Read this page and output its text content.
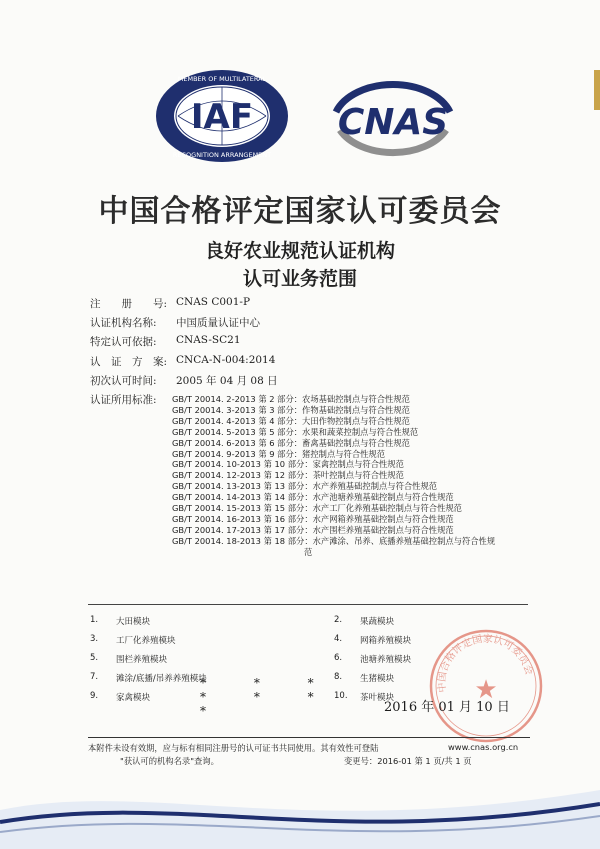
IAF
MEMBER OF MULTILATERAL
RECOGNITION ARRANGEMENT
CNAS
中国合格评定国家认可委员会
良好农业规范认证机构
认可业务范围
注　　册　　号: CNAS C001-P
认证机构名称:	中国质量认证中心
特定认可依据:	CNAS-SC21
认　证　方　案: CNCA-N-004:2014
初次认可时间:	2005 年 04 月 08 日
认证所用标准:	GB/T 20014. 2-2013 第 2 部分：农场基础控制点与符合性规范
GB/T 20014. 3-2013 第 3 部分：作物基础控制点与符合性规范
GB/T 20014. 4-2013 第 4 部分：大田作物控制点与符合性规范
GB/T 20014. 5-2013 第 5 部分：水果和蔬菜控制点与符合性规范
GB/T 20014. 6-2013 第 6 部分：畜禽基础控制点与符合性规范
GB/T 20014. 9-2013 第 9 部分：猪控制点与符合性规范
GB/T 20014. 10-2013 第 10 部分：家禽控制点与符合性规范
GB/T 20014. 12-2013 第 12 部分：茶叶控制点与符合性规范
GB/T 20014. 13-2013 第 13 部分：水产养殖基础控制点与符合性规范
GB/T 20014. 14-2013 第 14 部分：水产池塘养殖基础控制点与符合性规范
GB/T 20014. 15-2013 第 15 部分：水产工厂化养殖基础控制点与符合性规范
GB/T 20014. 16-2013 第 16 部分：水产网箱养殖基础控制点与符合性规范
GB/T 20014. 17-2013 第 17 部分：水产围栏养殖基础控制点与符合性规范
GB/T 20014. 18-2013 第 18 部分：水产滩涂、吊养、底播养殖基础控制点与符合性规
范
1. 大田模块	2. 果蔬模块
3. 工厂化养殖模块	4. 网箱养殖模块
5. 围栏养殖模块	6. 池塘养殖模块
7. 滩涂/底播/吊养养殖模块	8. 生猪模块
9. 家禽模块	10. 茶叶模块
* * * * * * *
中国合格评定国家认可委员会
★
2016 年 01 月 10 日
本附件未设有效期，应与标有相同注册号的认可证书共同使用。其有效性可登陆	www.cnas.org.cn
"获认可的机构名录"查询。	变更号：2016-01 第 1 页/共 1 页
